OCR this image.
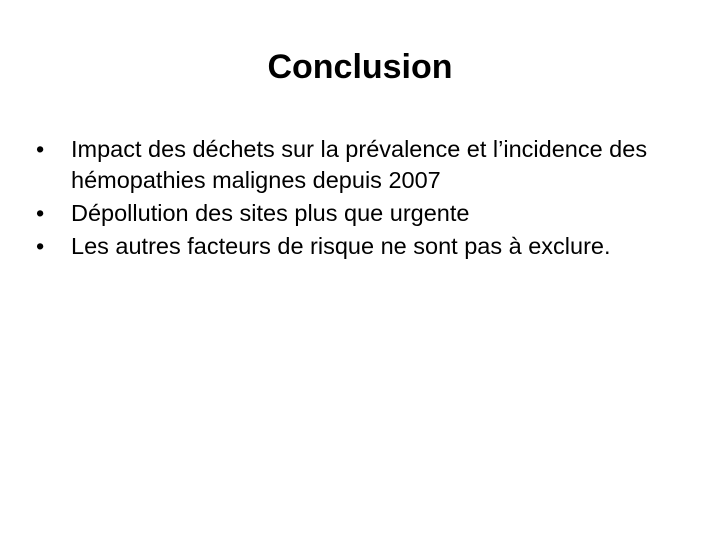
Conclusion
•	Impact des déchets sur la prévalence et l’incidence des hémopathies malignes depuis 2007
•	Dépollution des sites plus que urgente
•	Les autres facteurs de risque ne sont pas à exclure.
